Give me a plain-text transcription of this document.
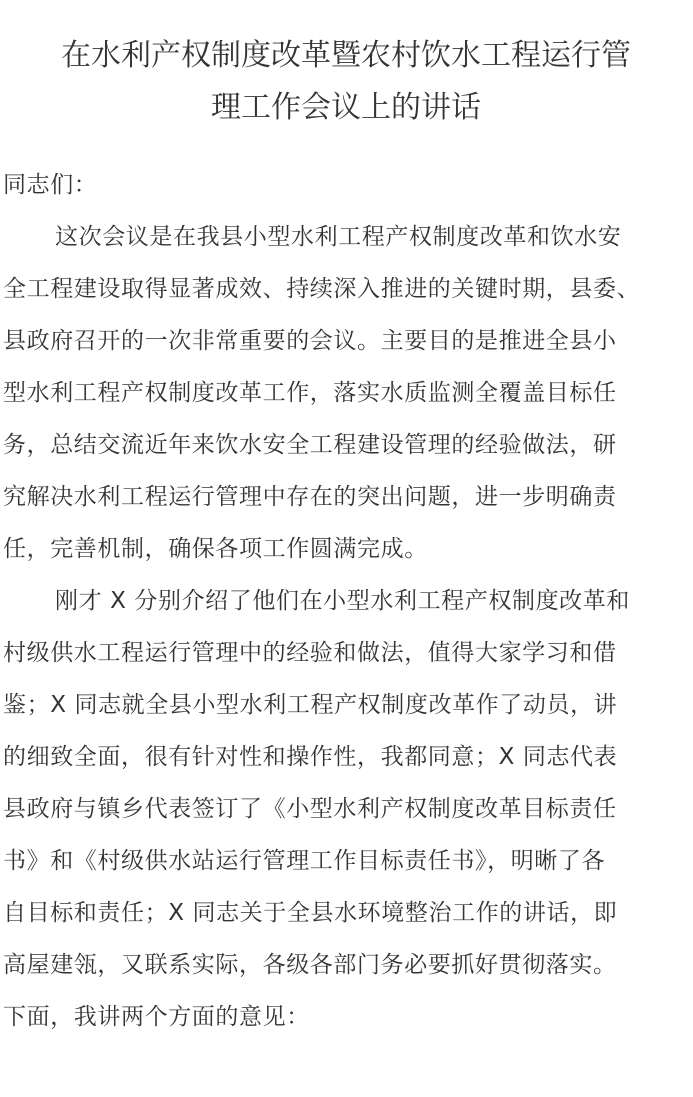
在水利产权制度改革暨农村饮水工程运行管
理工作会议上的讲话

同志们：

这次会议是在我县小型水利工程产权制度改革和饮水安
全工程建设取得显著成效、持续深入推进的关键时期，县委、
县政府召开的一次非常重要的会议。主要目的是推进全县小
型水利工程产权制度改革工作，落实水质监测全覆盖目标任
务，总结交流近年来饮水安全工程建设管理的经验做法，研
究解决水利工程运行管理中存在的突出问题，进一步明确责
任，完善机制，确保各项工作圆满完成。

刚才 X 分别介绍了他们在小型水利工程产权制度改革和
村级供水工程运行管理中的经验和做法，值得大家学习和借
鉴；X 同志就全县小型水利工程产权制度改革作了动员，讲
的细致全面，很有针对性和操作性，我都同意；X 同志代表
县政府与镇乡代表签订了《小型水利产权制度改革目标责任
书》和《村级供水站运行管理工作目标责任书》，明晰了各
自目标和责任；X 同志关于全县水环境整治工作的讲话，即
高屋建瓴，又联系实际，各级各部门务必要抓好贯彻落实。

下面，我讲两个方面的意见：
